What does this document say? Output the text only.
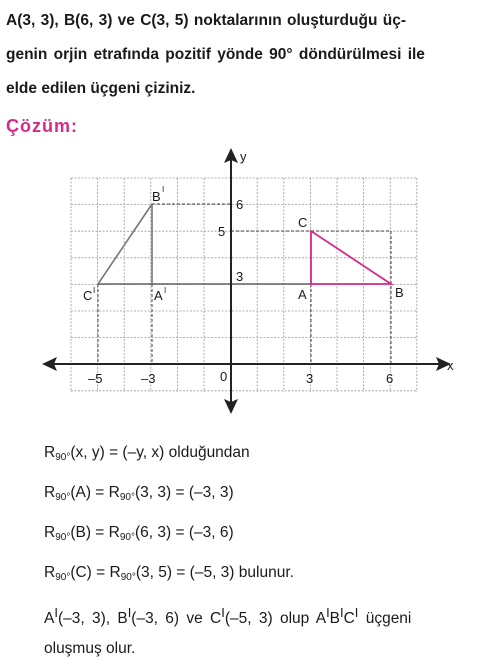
A(3, 3), B(6, 3) ve C(3, 5) noktalarının oluşturduğu üç-
genin orjin etrafında pozitif yönde 90° döndürülmesi ile
elde edilen üçgeni çiziniz.
Çözüm:
x
y
–5	–3	0	3	6
6
5
3
C
A	B
C I	A I
B I
$R_{90^\circ}(x$, y) = (–y, x) olduğundan
$R_{90^\circ}(A) = R_{90^\circ}(3$, 3) = (–3, 3)
$R_{90^\circ}(B) = R_{90^\circ}(6$, 3) = (–3, 6)
$R_{90^\circ}(C) = R_{90^\circ}(3$, 5) = (–5, 3) bulunur.
$A^I(-3$, 3), $B^I(-3$, 6) ve $C^I(-5$, 3) olup $A^IB^IC^I$ üçgeni
oluşmuş olur.
